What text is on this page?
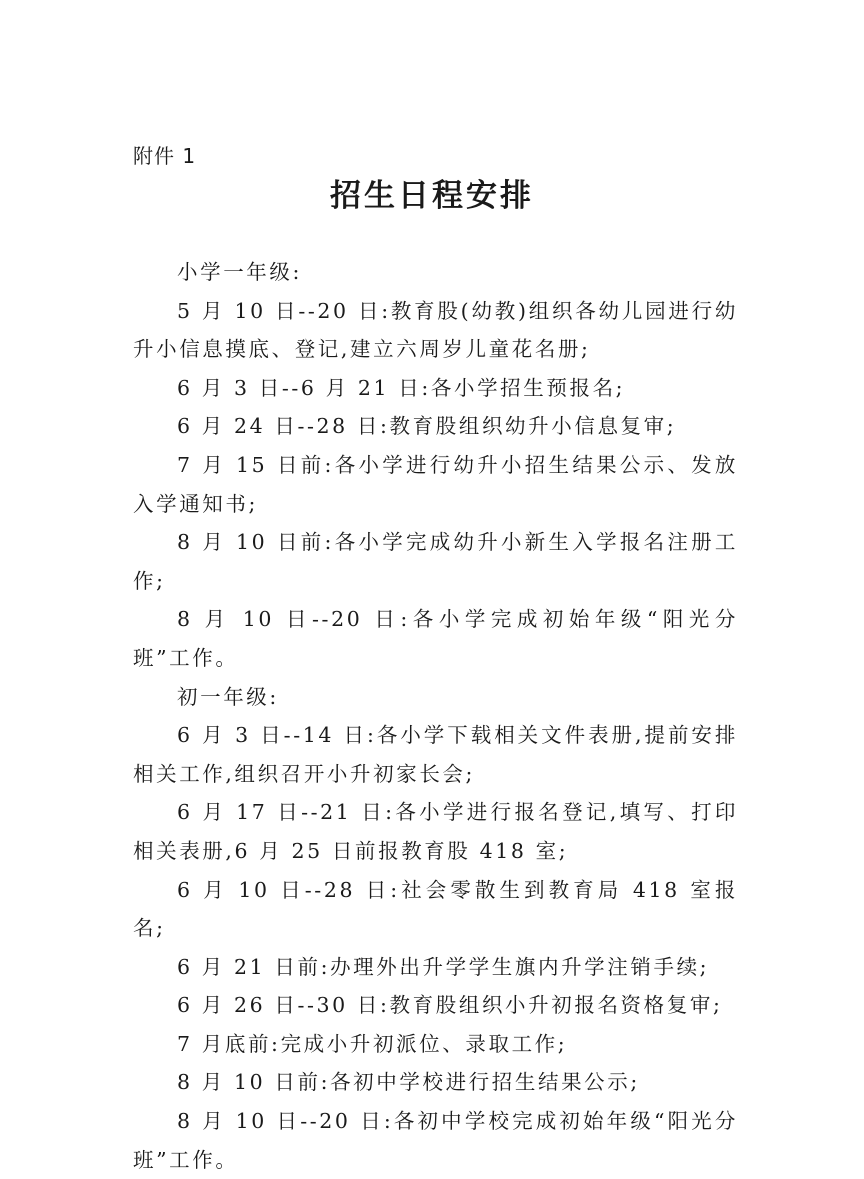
附件 1
招生日程安排

小学一年级:

5 月 10 日--20 日:教育股(幼教)组织各幼儿园进行幼升小信息摸底、登记,建立六周岁儿童花名册;

6 月 3 日--6 月 21 日:各小学招生预报名;

6 月 24 日--28 日:教育股组织幼升小信息复审;

7 月 15 日前:各小学进行幼升小招生结果公示、发放入学通知书;

8 月 10 日前:各小学完成幼升小新生入学报名注册工作;

8 月 10 日--20 日:各小学完成初始年级“阳光分班”工作。

初一年级:

6 月 3 日--14 日:各小学下载相关文件表册,提前安排相关工作,组织召开小升初家长会;

6 月 17 日--21 日:各小学进行报名登记,填写、打印相关表册,6 月 25 日前报教育股 418 室;

6 月 10 日--28 日:社会零散生到教育局 418 室报名;

6 月 21 日前:办理外出升学学生旗内升学注销手续;

6 月 26 日--30 日:教育股组织小升初报名资格复审;

7 月底前:完成小升初派位、录取工作;

8 月 10 日前:各初中学校进行招生结果公示;

8 月 10 日--20 日:各初中学校完成初始年级“阳光分班”工作。
